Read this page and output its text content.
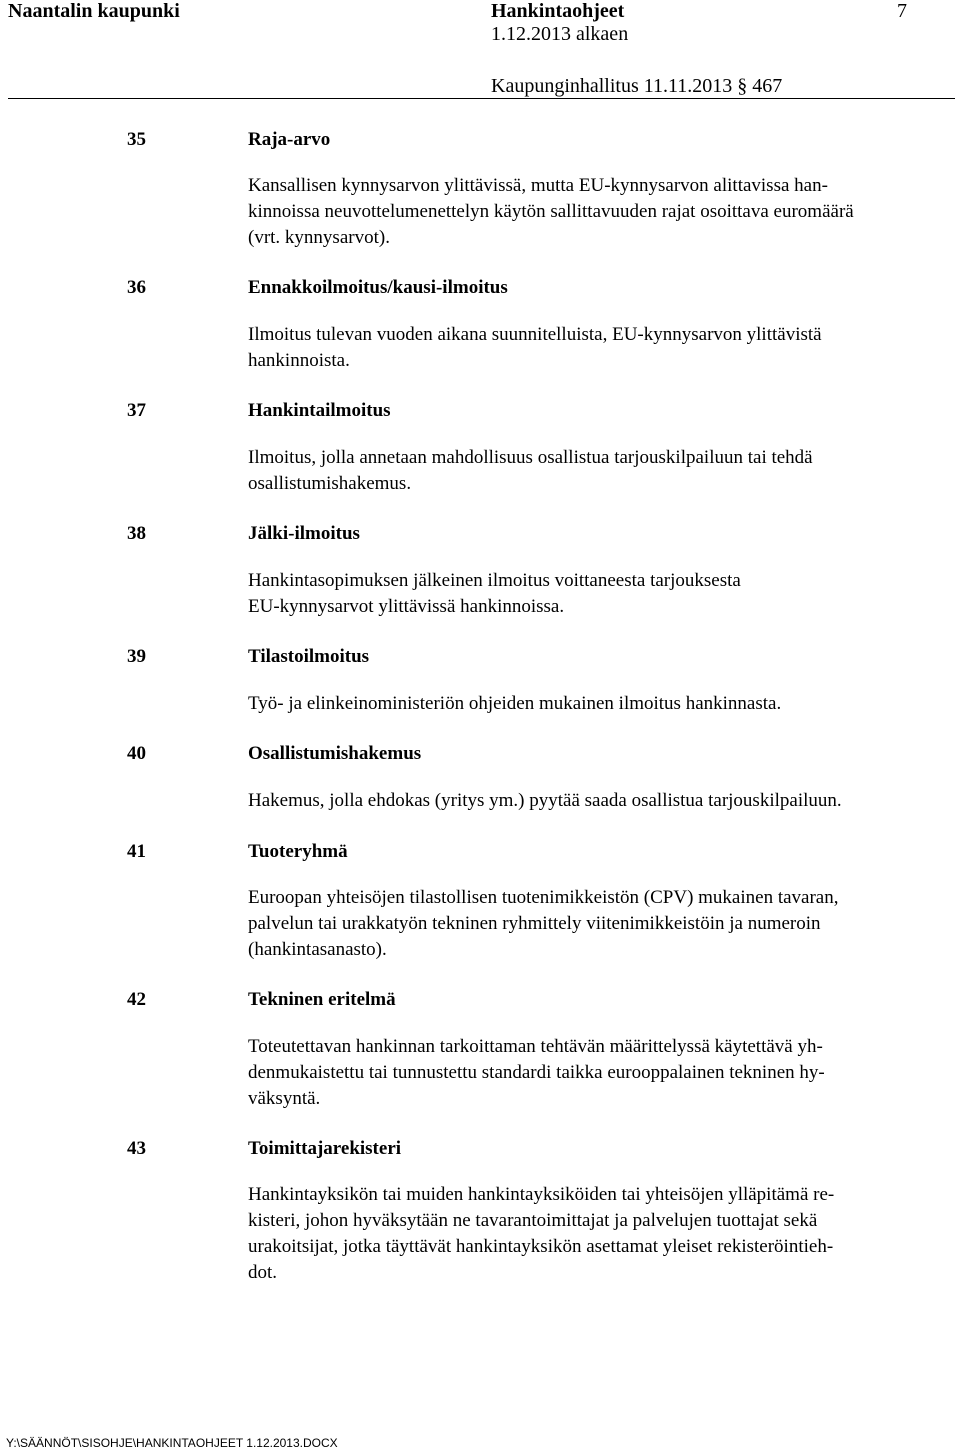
Naantalin kaupunki	Hankintaohjeet	7
1.12.2013 alkaen
Kaupunginhallitus 11.11.2013 § 467
35	Raja-arvo
Kansallisen kynnysarvon ylittävissä, mutta EU-kynnysarvon alittavissa han-
kinnoissa neuvottelumenettelyn käytön sallittavuuden rajat osoittava euromäärä
(vrt. kynnysarvot).
36	Ennakkoilmoitus/kausi-ilmoitus
Ilmoitus tulevan vuoden aikana suunnitelluista, EU-kynnysarvon ylittävistä
hankinnoista.
37	Hankintailmoitus
Ilmoitus, jolla annetaan mahdollisuus osallistua tarjouskilpailuun tai tehdä
osallistumishakemus.
38	Jälki-ilmoitus
Hankintasopimuksen jälkeinen ilmoitus voittaneesta tarjouksesta
EU-kynnysarvot ylittävissä hankinnoissa.
39	Tilastoilmoitus
Työ- ja elinkeinoministeriön ohjeiden mukainen ilmoitus hankinnasta.
40	Osallistumishakemus
Hakemus, jolla ehdokas (yritys ym.) pyytää saada osallistua tarjouskilpailuun.
41	Tuoteryhmä
Euroopan yhteisöjen tilastollisen tuotenimikkeistön (CPV) mukainen tavaran,
palvelun tai urakkatyön tekninen ryhmittely viitenimikkeistöin ja numeroin
(hankintasanasto).
42	Tekninen eritelmä
Toteutettavan hankinnan tarkoittaman tehtävän määrittelyssä käytettävä yh-
denmukaistettu tai tunnustettu standardi taikka eurooppalainen tekninen hy-
väksyntä.
43	Toimittajarekisteri
Hankintayksikön tai muiden hankintayksiköiden tai yhteisöjen ylläpitämä re-
kisteri, johon hyväksytään ne tavarantoimittajat ja palvelujen tuottajat sekä
urakoitsijat, jotka täyttävät hankintayksikön asettamat yleiset rekisteröintieh-
dot.
Y:\SÄÄNNÖT\SISOHJE\HANKINTAOHJEET 1.12.2013.DOCX
